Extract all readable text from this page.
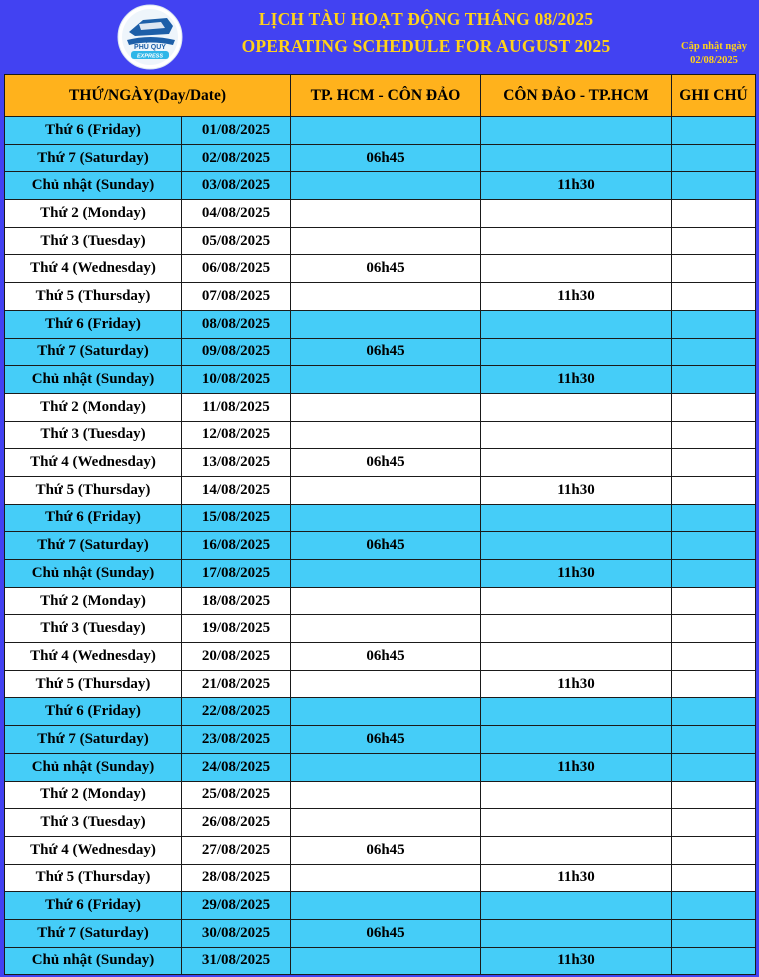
PHÚ QUY
EXPRESS
LỊCH TÀU HOẠT ĐỘNG THÁNG 08/2025
OPERATING SCHEDULE FOR AUGUST 2025	Cập nhật ngày
02/08/2025
THỨ/NGÀY(Day/Date)		TP. HCM - CÔN ĐẢO	CÔN ĐẢO - TP.HCM	GHI CHÚ
Thứ 6 (Friday)	01/08/2025			
Thứ 7 (Saturday)	02/08/2025	06h45		
Chủ nhật (Sunday)	03/08/2025		11h30	
Thứ 2 (Monday)	04/08/2025			
Thứ 3 (Tuesday)	05/08/2025			
Thứ 4 (Wednesday)	06/08/2025	06h45		
Thứ 5 (Thursday)	07/08/2025		11h30	
Thứ 6 (Friday)	08/08/2025			
Thứ 7 (Saturday)	09/08/2025	06h45		
Chủ nhật (Sunday)	10/08/2025		11h30	
Thứ 2 (Monday)	11/08/2025			
Thứ 3 (Tuesday)	12/08/2025			
Thứ 4 (Wednesday)	13/08/2025	06h45		
Thứ 5 (Thursday)	14/08/2025		11h30	
Thứ 6 (Friday)	15/08/2025			
Thứ 7 (Saturday)	16/08/2025	06h45		
Chủ nhật (Sunday)	17/08/2025		11h30	
Thứ 2 (Monday)	18/08/2025			
Thứ 3 (Tuesday)	19/08/2025			
Thứ 4 (Wednesday)	20/08/2025	06h45		
Thứ 5 (Thursday)	21/08/2025		11h30	
Thứ 6 (Friday)	22/08/2025			
Thứ 7 (Saturday)	23/08/2025	06h45		
Chủ nhật (Sunday)	24/08/2025		11h30	
Thứ 2 (Monday)	25/08/2025			
Thứ 3 (Tuesday)	26/08/2025			
Thứ 4 (Wednesday)	27/08/2025	06h45		
Thứ 5 (Thursday)	28/08/2025		11h30	
Thứ 6 (Friday)	29/08/2025			
Thứ 7 (Saturday)	30/08/2025	06h45		
Chủ nhật (Sunday)	31/08/2025		11h30	
